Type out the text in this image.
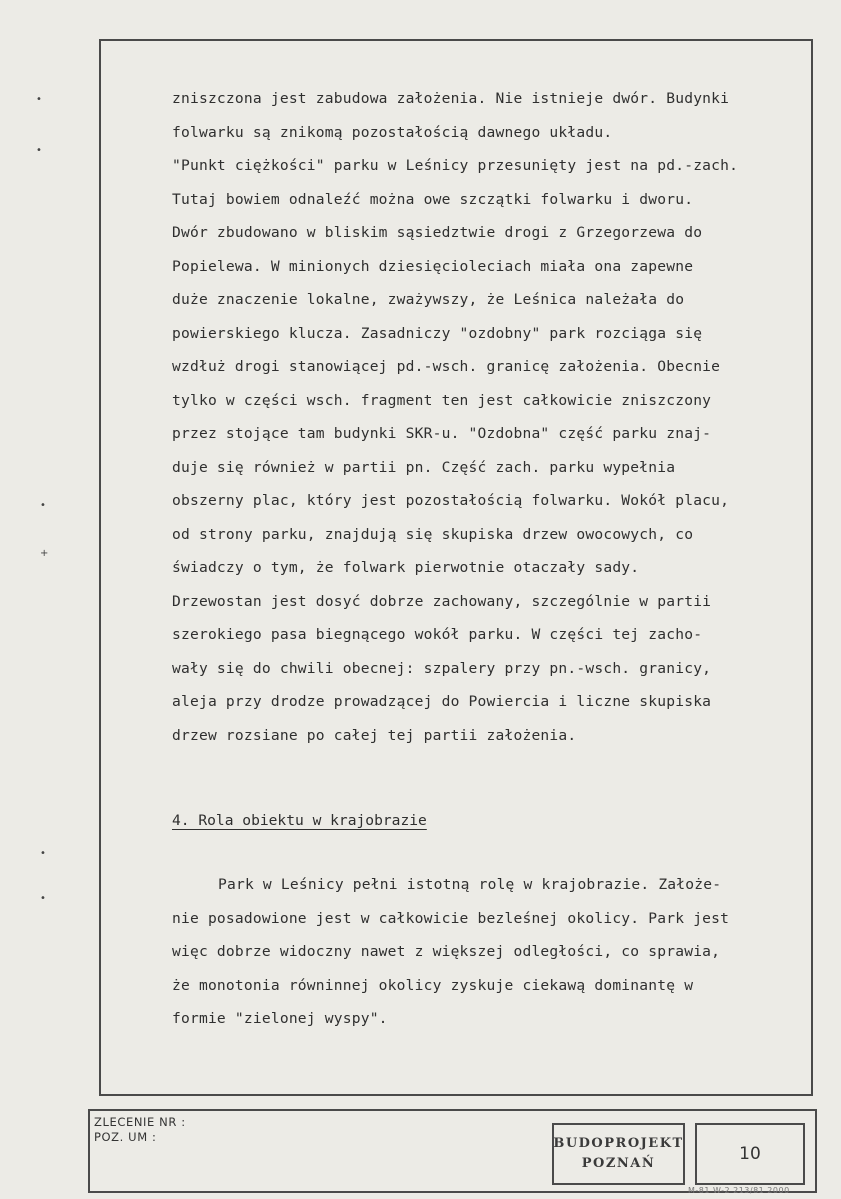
•
•
•
+
•
•
zniszczona jest zabudowa założenia. Nie istnieje dwór. Budynki
folwarku są znikomą pozostałością dawnego układu.
"Punkt ciężkości" parku w Leśnicy przesunięty jest na pd.-zach.
Tutaj bowiem odnaleźć można owe szczątki folwarku i dworu.
Dwór zbudowano w bliskim sąsiedztwie drogi z Grzegorzewa do
Popielewa. W minionych dziesięcioleciach miała ona zapewne
duże znaczenie lokalne, zważywszy, że Leśnica należała do
powierskiego klucza. Zasadniczy "ozdobny" park rozciąga się
wzdłuż drogi stanowiącej pd.-wsch. granicę założenia. Obecnie
tylko w części wsch. fragment ten jest całkowicie zniszczony
przez stojące tam budynki SKR-u. "Ozdobna" część parku znaj-
duje się również w partii pn. Część zach. parku wypełnia
obszerny plac, który jest pozostałością folwarku. Wokół placu,
od strony parku, znajdują się skupiska drzew owocowych, co
świadczy o tym, że folwark pierwotnie otaczały sady.
Drzewostan jest dosyć dobrze zachowany, szczególnie w partii
szerokiego pasa biegnącego wokół parku. W części tej zacho-
wały się do chwili obecnej: szpalery przy pn.-wsch. granicy,
aleja przy drodze prowadzącej do Powiercia i liczne skupiska
drzew rozsiane po całej tej partii założenia.
4. Rola obiektu w krajobrazie
Park w Leśnicy pełni istotną rolę w krajobrazie. Założe-
nie posadowione jest w całkowicie bezleśnej okolicy. Park jest
więc dobrze widoczny nawet z większej odległości, co sprawia,
że monotonia równinnej okolicy zyskuje ciekawą dominantę w
formie "zielonej wyspy".
ZLECENIE NR :
POZ. UM :	BUDOPROJEKT
POZNAŃ	10
M-81 W-2 213/81 2000
